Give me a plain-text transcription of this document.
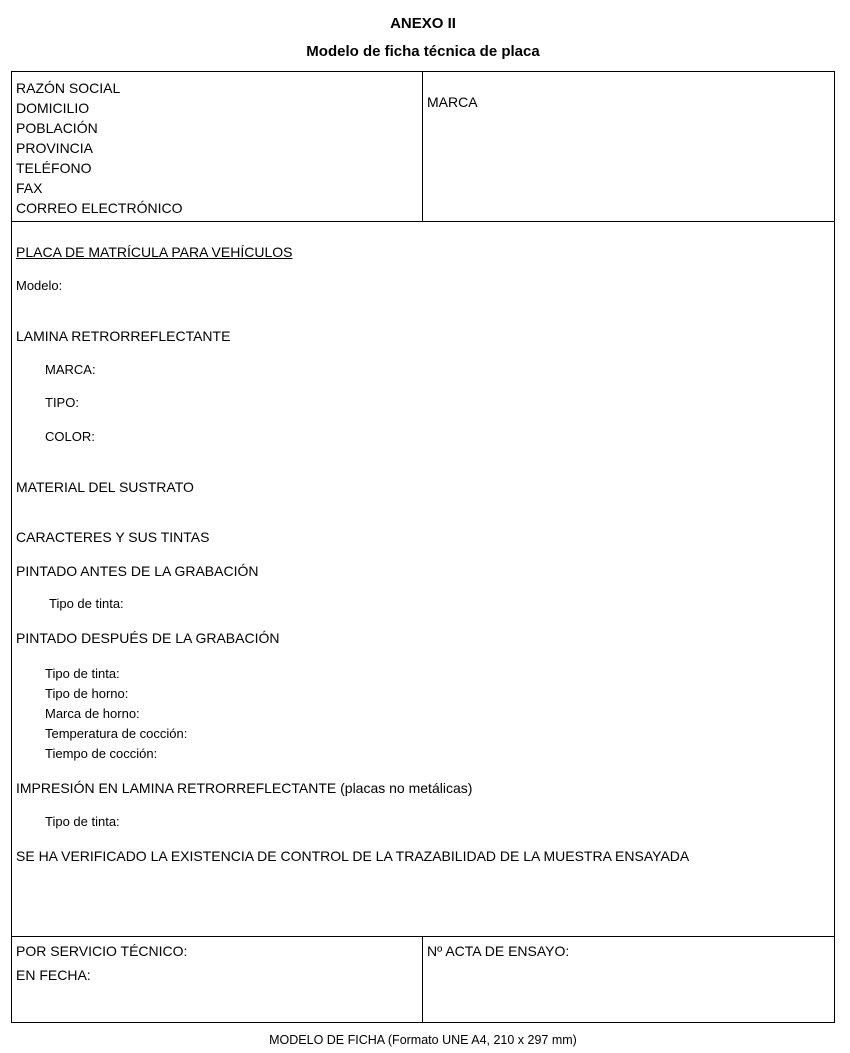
ANEXO II
Modelo de ficha técnica de placa
RAZÓN SOCIAL
DOMICILIO
POBLACIÓN
PROVINCIA
TELÉFONO
FAX
CORREO ELECTRÓNICO
MARCA
PLACA DE MATRÍCULA PARA VEHÍCULOS
Modelo:
LAMINA RETRORREFLECTANTE
MARCA:
TIPO:
COLOR:
MATERIAL DEL SUSTRATO
CARACTERES Y SUS TINTAS
PINTADO ANTES DE LA GRABACIÓN
Tipo de tinta:
PINTADO DESPUÉS DE LA GRABACIÓN
Tipo de tinta:
Tipo de horno:
Marca de horno:
Temperatura de cocción:
Tiempo de cocción:
IMPRESIÓN EN LAMINA RETRORREFLECTANTE (placas no metálicas)
Tipo de tinta:
SE HA VERIFICADO LA EXISTENCIA DE CONTROL DE LA TRAZABILIDAD DE LA MUESTRA ENSAYADA
POR SERVICIO TÉCNICO:
EN FECHA:
Nº ACTA DE ENSAYO:
MODELO DE FICHA (Formato UNE A4, 210 x 297 mm)
